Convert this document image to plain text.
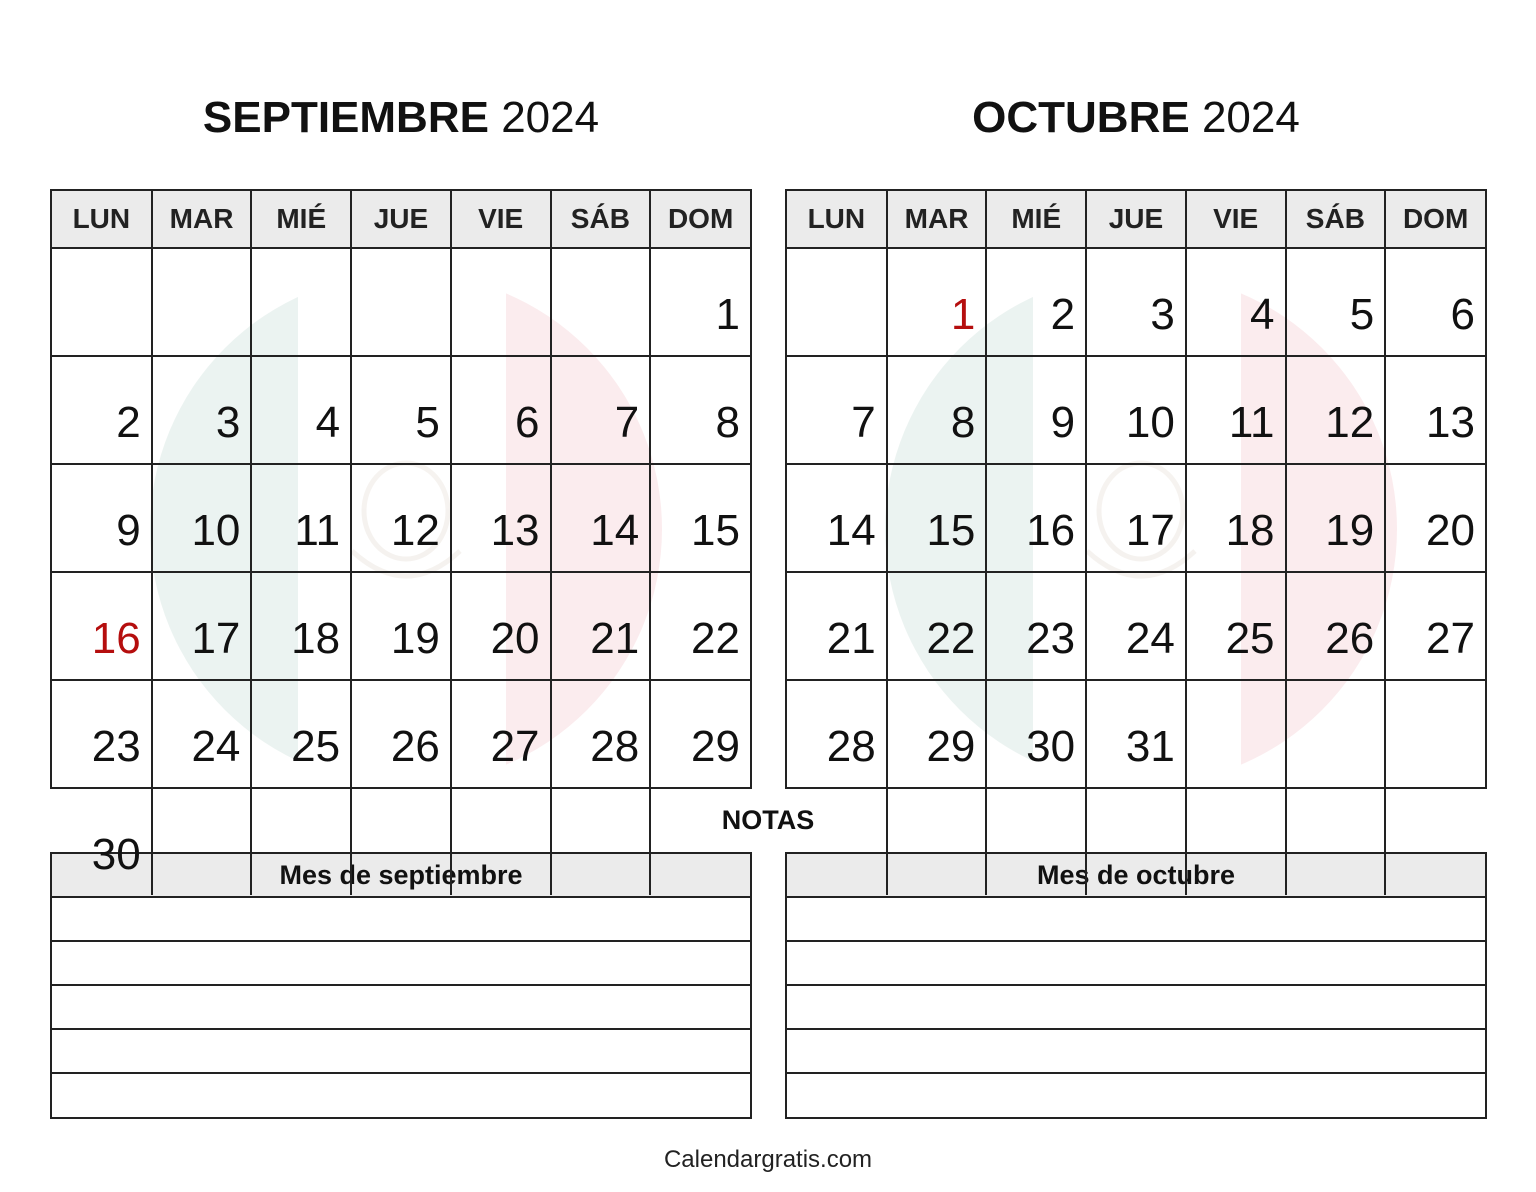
SEPTIEMBRE 2024
LUN	MAR	MIÉ	JUE	VIE	SÁB	DOM
						1
2	3	4	5	6	7	8
9	10	11	12	13	14	15
16	17	18	19	20	21	22
23	24	25	26	27	28	29
30						
OCTUBRE 2024
LUN	MAR	MIÉ	JUE	VIE	SÁB	DOM
	1	2	3	4	5	6
7	8	9	10	11	12	13
14	15	16	17	18	19	20
21	22	23	24	25	26	27
28	29	30	31			

NOTAS
Mes de septiembre	Mes de octubre
Calendargratis.com
